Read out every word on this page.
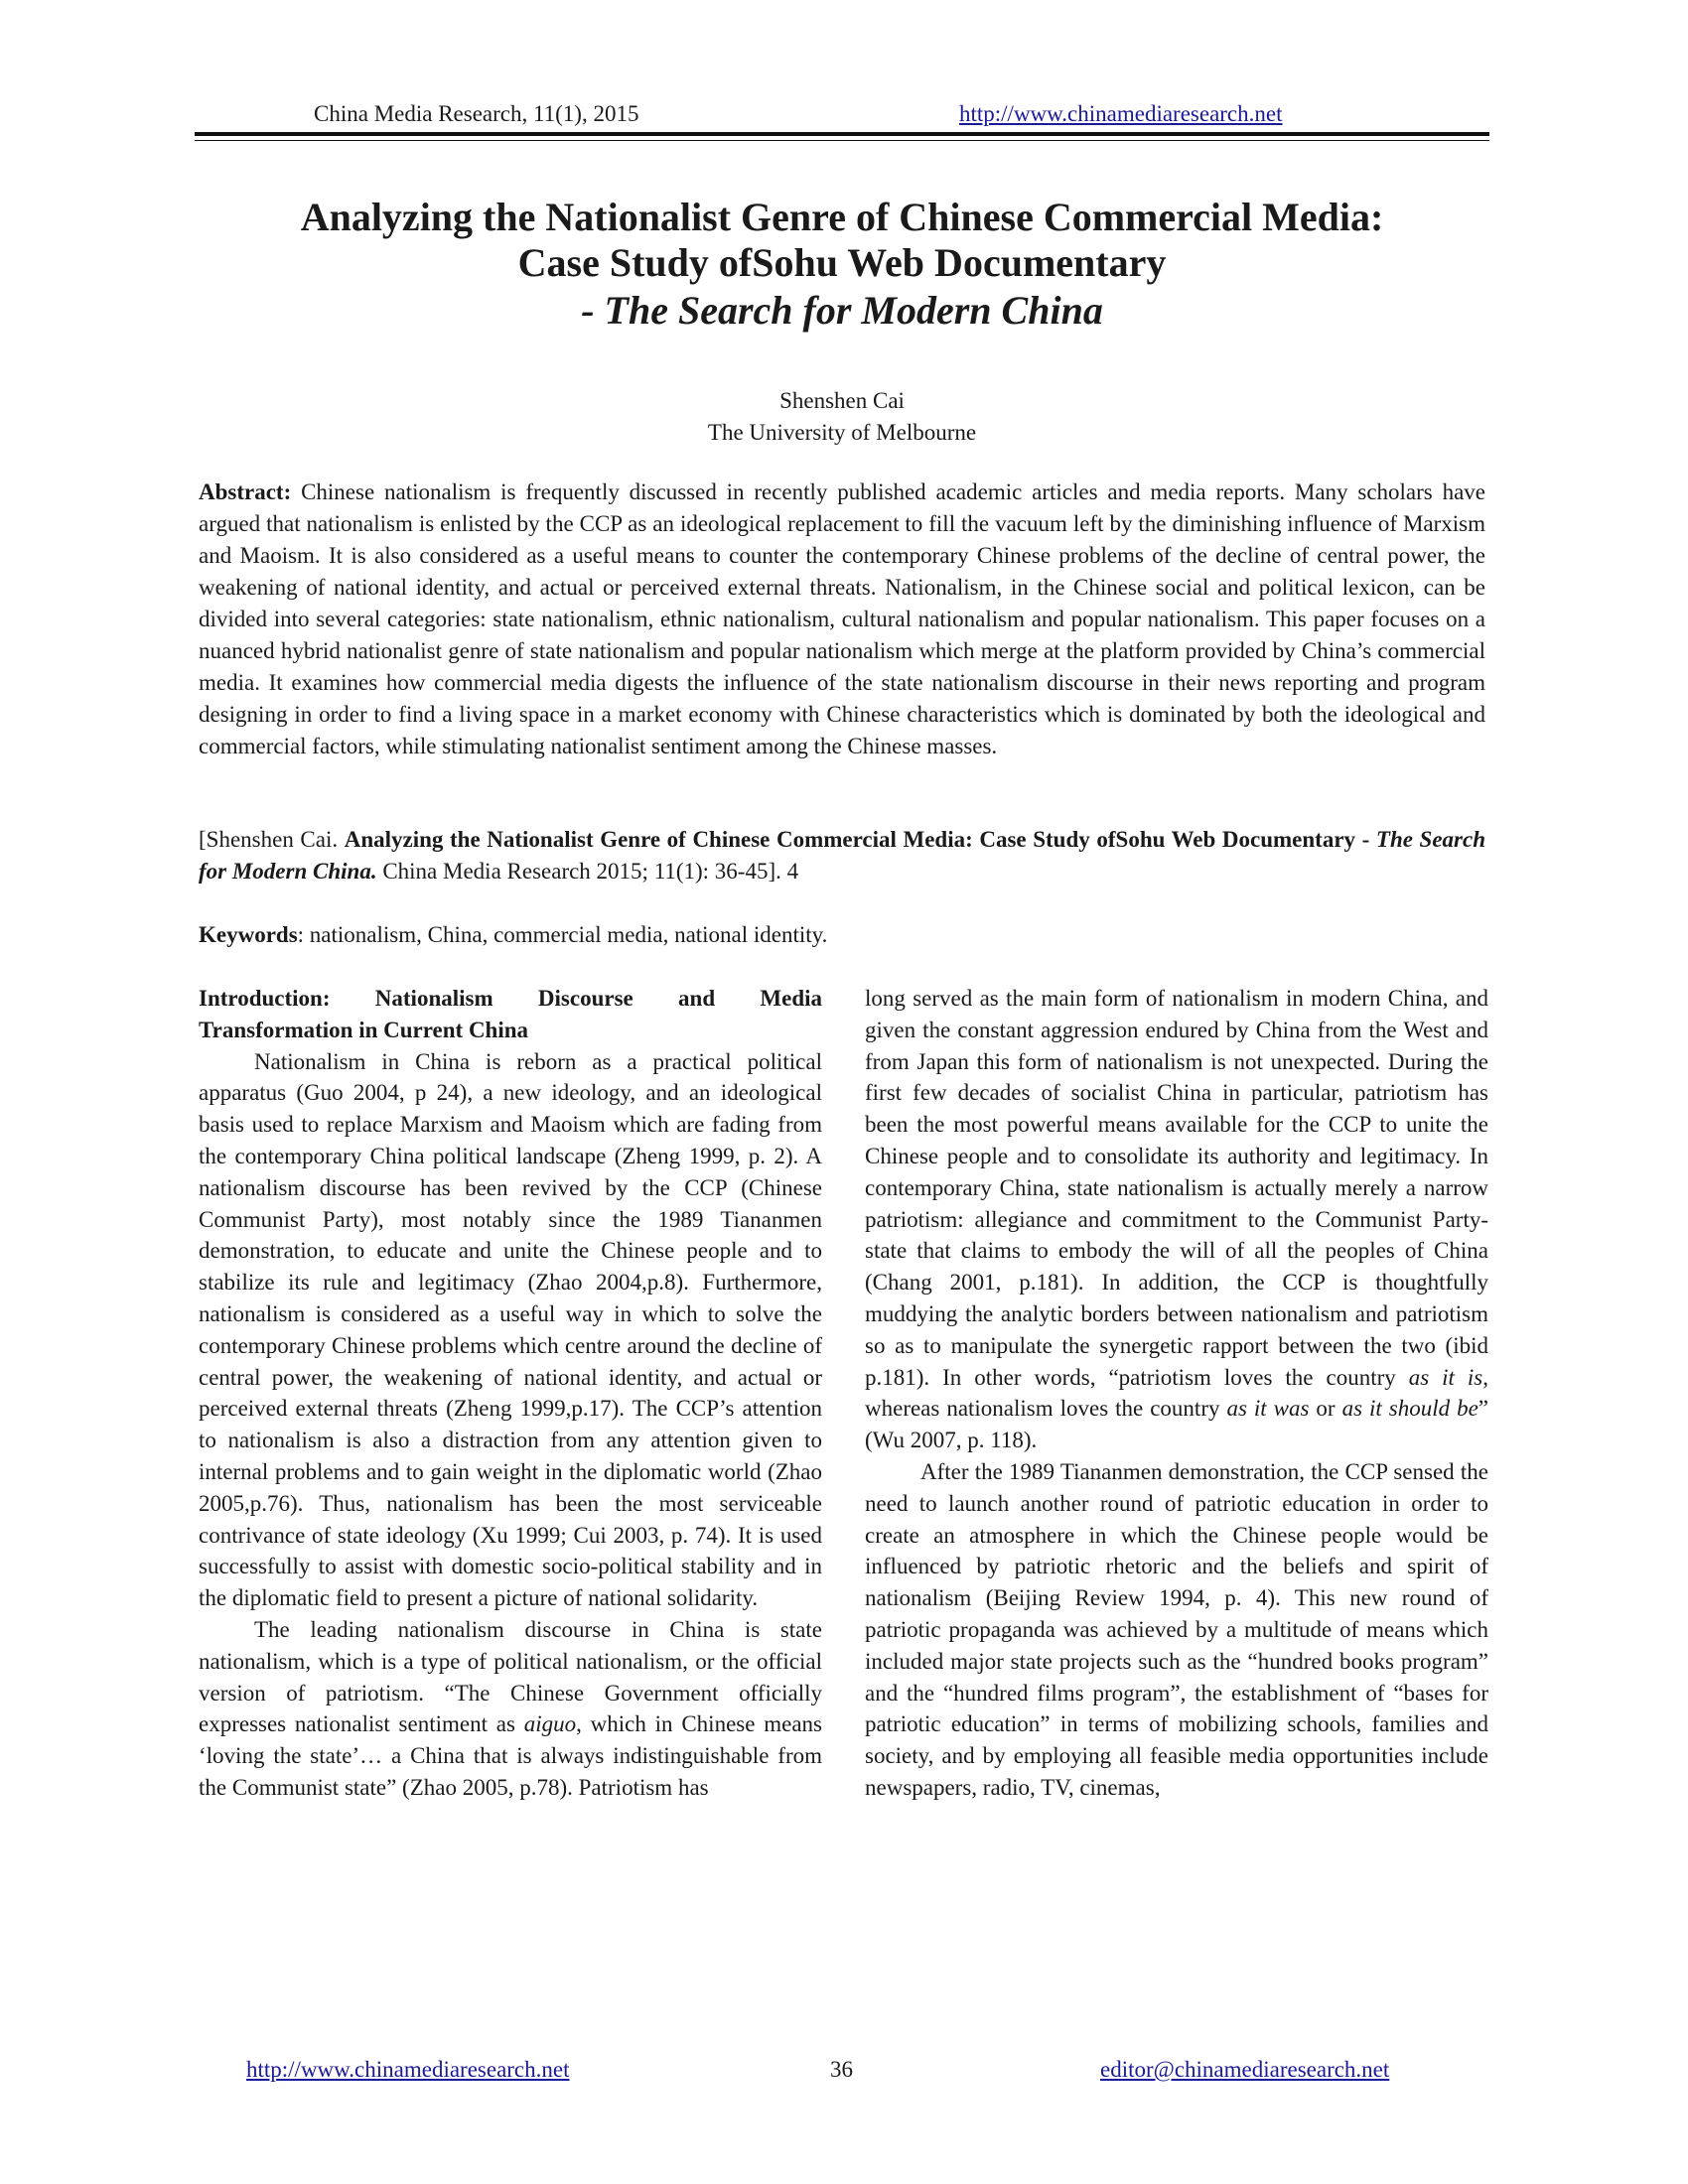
China Media Research, 11(1), 2015	http://www.chinamediaresearch.net
Analyzing the Nationalist Genre of Chinese Commercial Media:
Case Study ofSohu Web Documentary
- The Search for Modern China
Shenshen Cai
The University of Melbourne

Abstract: Chinese nationalism is frequently discussed in recently published academic articles and media reports. Many scholars have argued that nationalism is enlisted by the CCP as an ideological replacement to fill the vacuum left by the diminishing influence of Marxism and Maoism. It is also considered as a useful means to counter the contemporary Chinese problems of the decline of central power, the weakening of national identity, and actual or perceived external threats. Nationalism, in the Chinese social and political lexicon, can be divided into several categories: state nationalism, ethnic nationalism, cultural nationalism and popular nationalism. This paper focuses on a nuanced hybrid nationalist genre of state nationalism and popular nationalism which merge at the platform provided by China’s commercial media. It examines how commercial media digests the influence of the state nationalism discourse in their news reporting and program designing in order to find a living space in a market economy with Chinese characteristics which is dominated by both the ideological and commercial factors, while stimulating nationalist sentiment among the Chinese masses.

[Shenshen Cai. Analyzing the Nationalist Genre of Chinese Commercial Media: Case Study ofSohu Web Documentary - The Search for Modern China. China Media Research 2015; 11(1): 36-45]. 4
Keywords: nationalism, China, commercial media, national identity.

Introduction: Nationalism Discourse and Media Transformation in Current China

Nationalism in China is reborn as a practical political apparatus (Guo 2004, p 24), a new ideology, and an ideological basis used to replace Marxism and Maoism which are fading from the contemporary China political landscape (Zheng 1999, p. 2). A nationalism discourse has been revived by the CCP (Chinese Communist Party), most notably since the 1989 Tiananmen demonstration, to educate and unite the Chinese people and to stabilize its rule and legitimacy (Zhao 2004,p.8). Furthermore, nationalism is considered as a useful way in which to solve the contemporary Chinese problems which centre around the decline of central power, the weakening of national identity, and actual or perceived external threats (Zheng 1999,p.17). The CCP’s attention to nationalism is also a distraction from any attention given to internal problems and to gain weight in the diplomatic world (Zhao 2005,p.76). Thus, nationalism has been the most serviceable contrivance of state ideology (Xu 1999; Cui 2003, p. 74). It is used successfully to assist with domestic socio-political stability and in the diplomatic field to present a picture of national solidarity.

The leading nationalism discourse in China is state nationalism, which is a type of political nationalism, or the official version of patriotism. “The Chinese Government officially expresses nationalist sentiment as aiguo, which in Chinese means ‘loving the state’… a China that is always indistinguishable from the Communist state” (Zhao 2005, p.78). Patriotism has

long served as the main form of nationalism in modern China, and given the constant aggression endured by China from the West and from Japan this form of nationalism is not unexpected. During the first few decades of socialist China in particular, patriotism has been the most powerful means available for the CCP to unite the Chinese people and to consolidate its authority and legitimacy. In contemporary China, state nationalism is actually merely a narrow patriotism: allegiance and commitment to the Communist Party-state that claims to embody the will of all the peoples of China (Chang 2001, p.181). In addition, the CCP is thoughtfully muddying the analytic borders between nationalism and patriotism so as to manipulate the synergetic rapport between the two (ibid p.181). In other words, “patriotism loves the country as it is, whereas nationalism loves the country as it was or as it should be” (Wu 2007, p. 118).

After the 1989 Tiananmen demonstration, the CCP sensed the need to launch another round of patriotic education in order to create an atmosphere in which the Chinese people would be influenced by patriotic rhetoric and the beliefs and spirit of nationalism (Beijing Review 1994, p. 4). This new round of patriotic propaganda was achieved by a multitude of means which included major state projects such as the “hundred books program” and the “hundred films program”, the establishment of “bases for patriotic education” in terms of mobilizing schools, families and society, and by employing all feasible media opportunities include newspapers, radio, TV, cinemas,

http://www.chinamediaresearch.net	36	editor@chinamediaresearch.net
